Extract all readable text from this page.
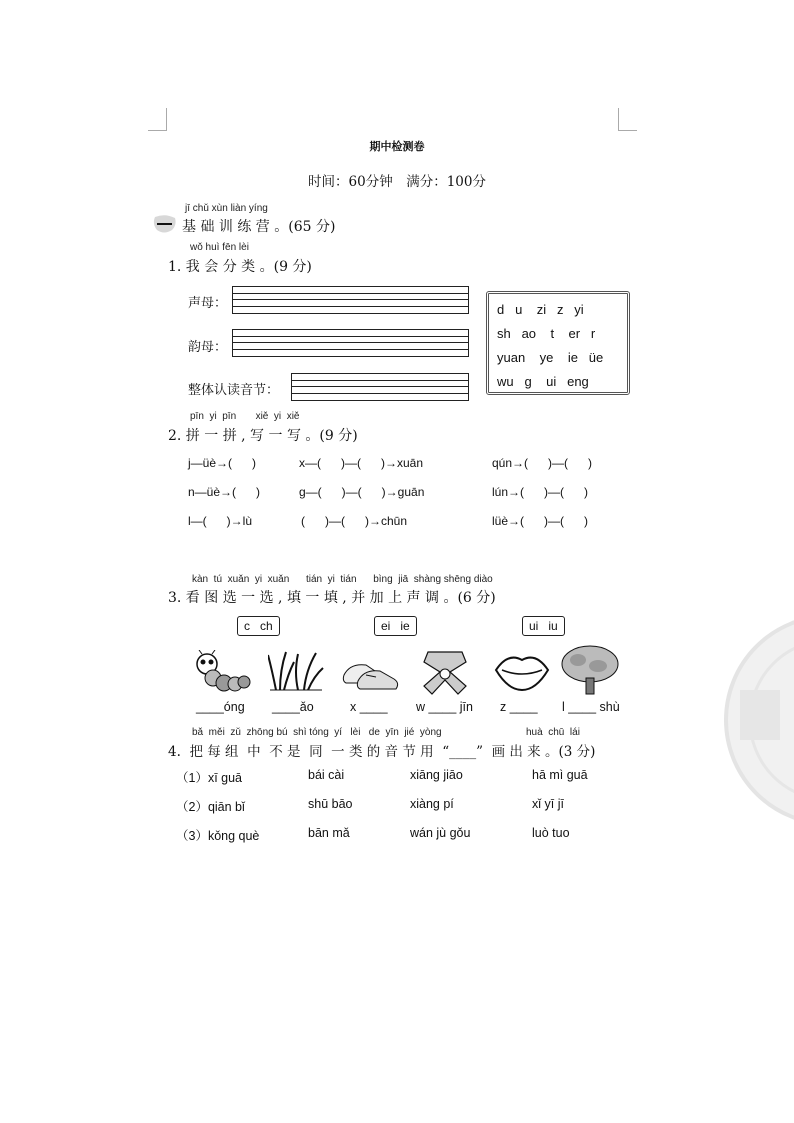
期中检测卷
时间：60分钟　满分：100分
jī chǔ xùn liàn yíng
基 础 训 练 营 。(65 分)
wǒ huì fēn lèi
1. 我 会 分 类 。(9 分)
声母：
韵母：
整体认读音节：
d   u    zi   z   yi
sh   ao    t    er   r
yuan    ye    ie   üe
wu   g    ui   eng
pīn  yi  pīn       xiě  yi  xiě
2. 拼 一 拼 , 写 一 写 。(9 分)
j—üè→(      )	x—(      )—(      )→xuān	qún→(      )—(      )
n—üè→(      )	g—(      )—(      )→guān	lún→(      )—(      )
l—(      )→lù	(      )—(      )→chūn	lüè→(      )—(      )
kàn  tú  xuǎn  yi  xuǎn      tián  yi  tián      bìng  jiā  shàng shēng diào
3. 看 图 选 一 选 , 填 一 填 , 并 加 上 声 调 。(6 分)
c   ch	ei   ie	ui   iu
____óng ____ǎo	x ____ w ____ jīn z ____ l ____ shù
bǎ  měi  zǔ  zhōng bú  shì tóng  yí   lèi   de  yīn  jié  yòng	huà  chū  lái
4.  把 每 组  中  不 是  同  一 类 的 音 节 用  “____”  画 出 来 。(3 分)
（1）xī guā	bái cài	xiāng jiāo	hā mì guā
（2）qiān bǐ	shū bāo	xiàng pí	xǐ yī jī
（3）kǒng què	bān mǎ	wán jù gǒu	luò tuo
